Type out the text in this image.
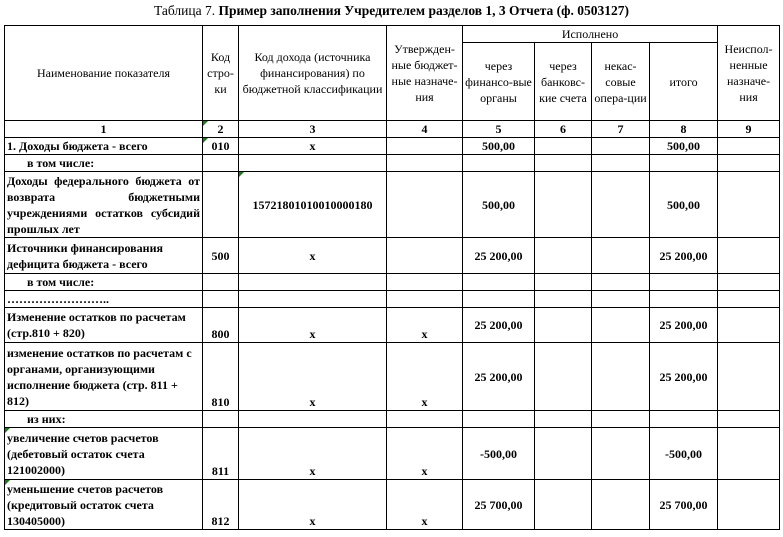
Таблица 7. Пример заполнения Учредителем разделов 1, 3 Отчета (ф. 0503127)
Наименование показателя	Код стро-ки	Код дохода (источника финансирования) по бюджетной классификации	Утвержден-ные бюджет-ные назначе-ния	Исполнено				Неиспол-ненные назначе-ния
				через финансо-вые органы	через банковс-кие счета	некас-совые опера-ции	итого	
1	2	3	4	5	6	7	8	9
1. Доходы бюджета - всего	010	x		500,00			500,00	
в том числе:								
Доходы федерального бюджета от возврата бюджетными учреждениями остатков субсидий прошлых лет		15721801010010000180		500,00			500,00	
Источники финансирования дефицита бюджета - всего	500	x		25 200,00			25 200,00	
в том числе:								
……………………..								
Изменение остатков по расчетам (стр.810 + 820)	800	x	x	25 200,00			25 200,00	
изменение остатков по расчетам с органами, организующими исполнение бюджета (стр. 811 + 812)	810	x	x	25 200,00			25 200,00	
из них:								
увеличение счетов расчетов (дебетовый остаток счета 121002000)	811	x	x	-500,00			-500,00	
уменьшение счетов расчетов (кредитовый остаток счета 130405000)	812	x	x	25 700,00			25 700,00	
